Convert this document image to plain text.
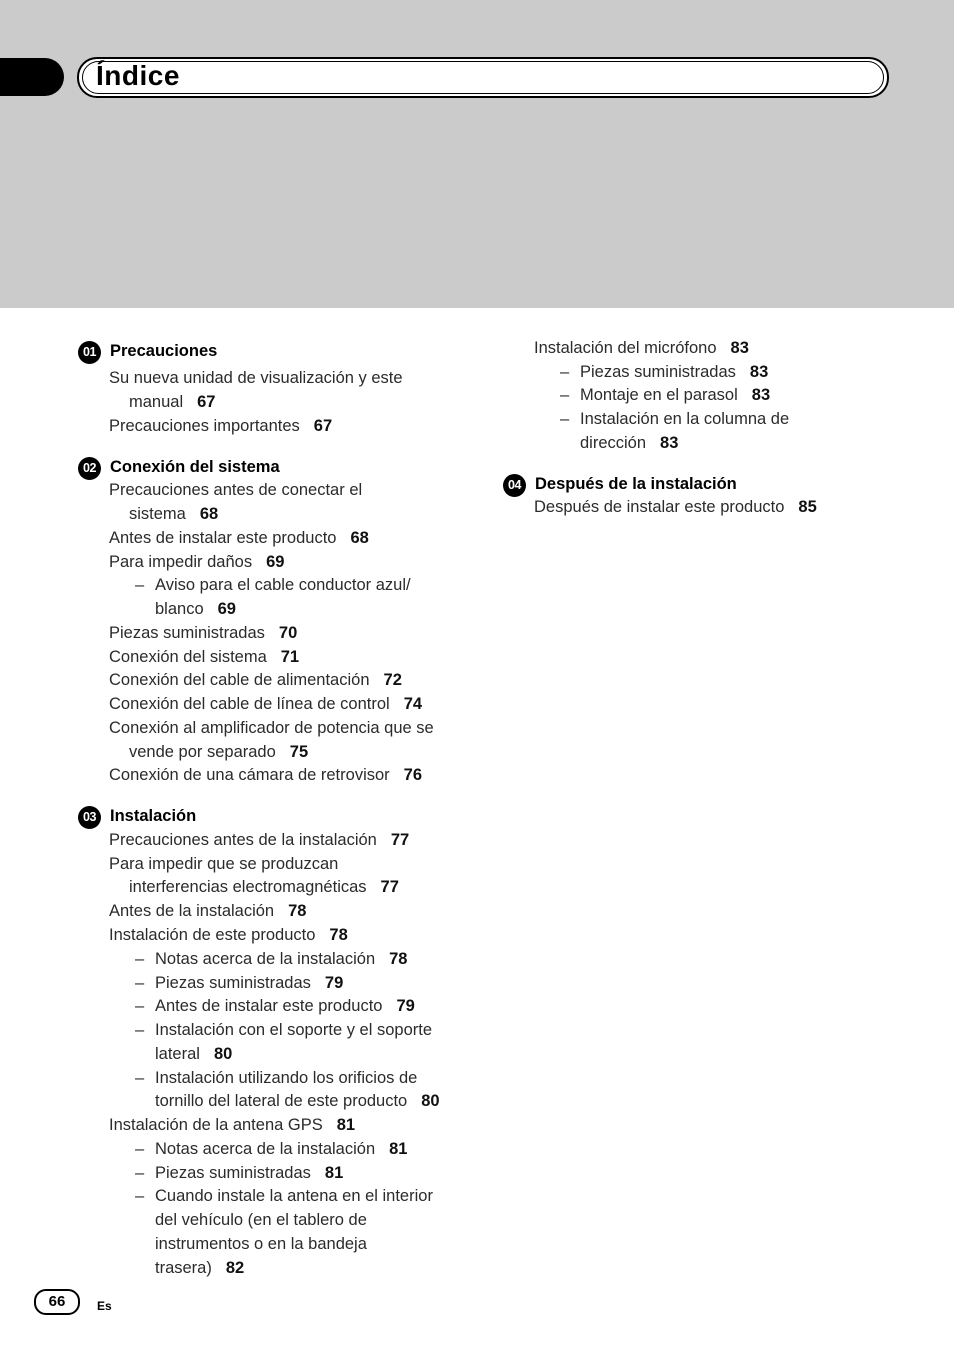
Índice
01 Precauciones
Su nueva unidad de visualización y este
manual 67
Precauciones importantes 67
02 Conexión del sistema
Precauciones antes de conectar el
sistema 68
Antes de instalar este producto 68
Para impedir daños 69
– Aviso para el cable conductor azul/
blanco 69
Piezas suministradas 70
Conexión del sistema 71
Conexión del cable de alimentación 72
Conexión del cable de línea de control 74
Conexión al amplificador de potencia que se
vende por separado 75
Conexión de una cámara de retrovisor 76
03 Instalación
Precauciones antes de la instalación 77
Para impedir que se produzcan
interferencias electromagnéticas 77
Antes de la instalación 78
Instalación de este producto 78
– Notas acerca de la instalación 78
– Piezas suministradas 79
– Antes de instalar este producto 79
– Instalación con el soporte y el soporte
lateral 80
– Instalación utilizando los orificios de
tornillo del lateral de este producto 80
Instalación de la antena GPS 81
– Notas acerca de la instalación 81
– Piezas suministradas 81
– Cuando instale la antena en el interior
del vehículo (en el tablero de
instrumentos o en la bandeja
trasera) 82
Instalación del micrófono 83
– Piezas suministradas 83
– Montaje en el parasol 83
– Instalación en la columna de
dirección 83
04 Después de la instalación
Después de instalar este producto 85
66	Es
